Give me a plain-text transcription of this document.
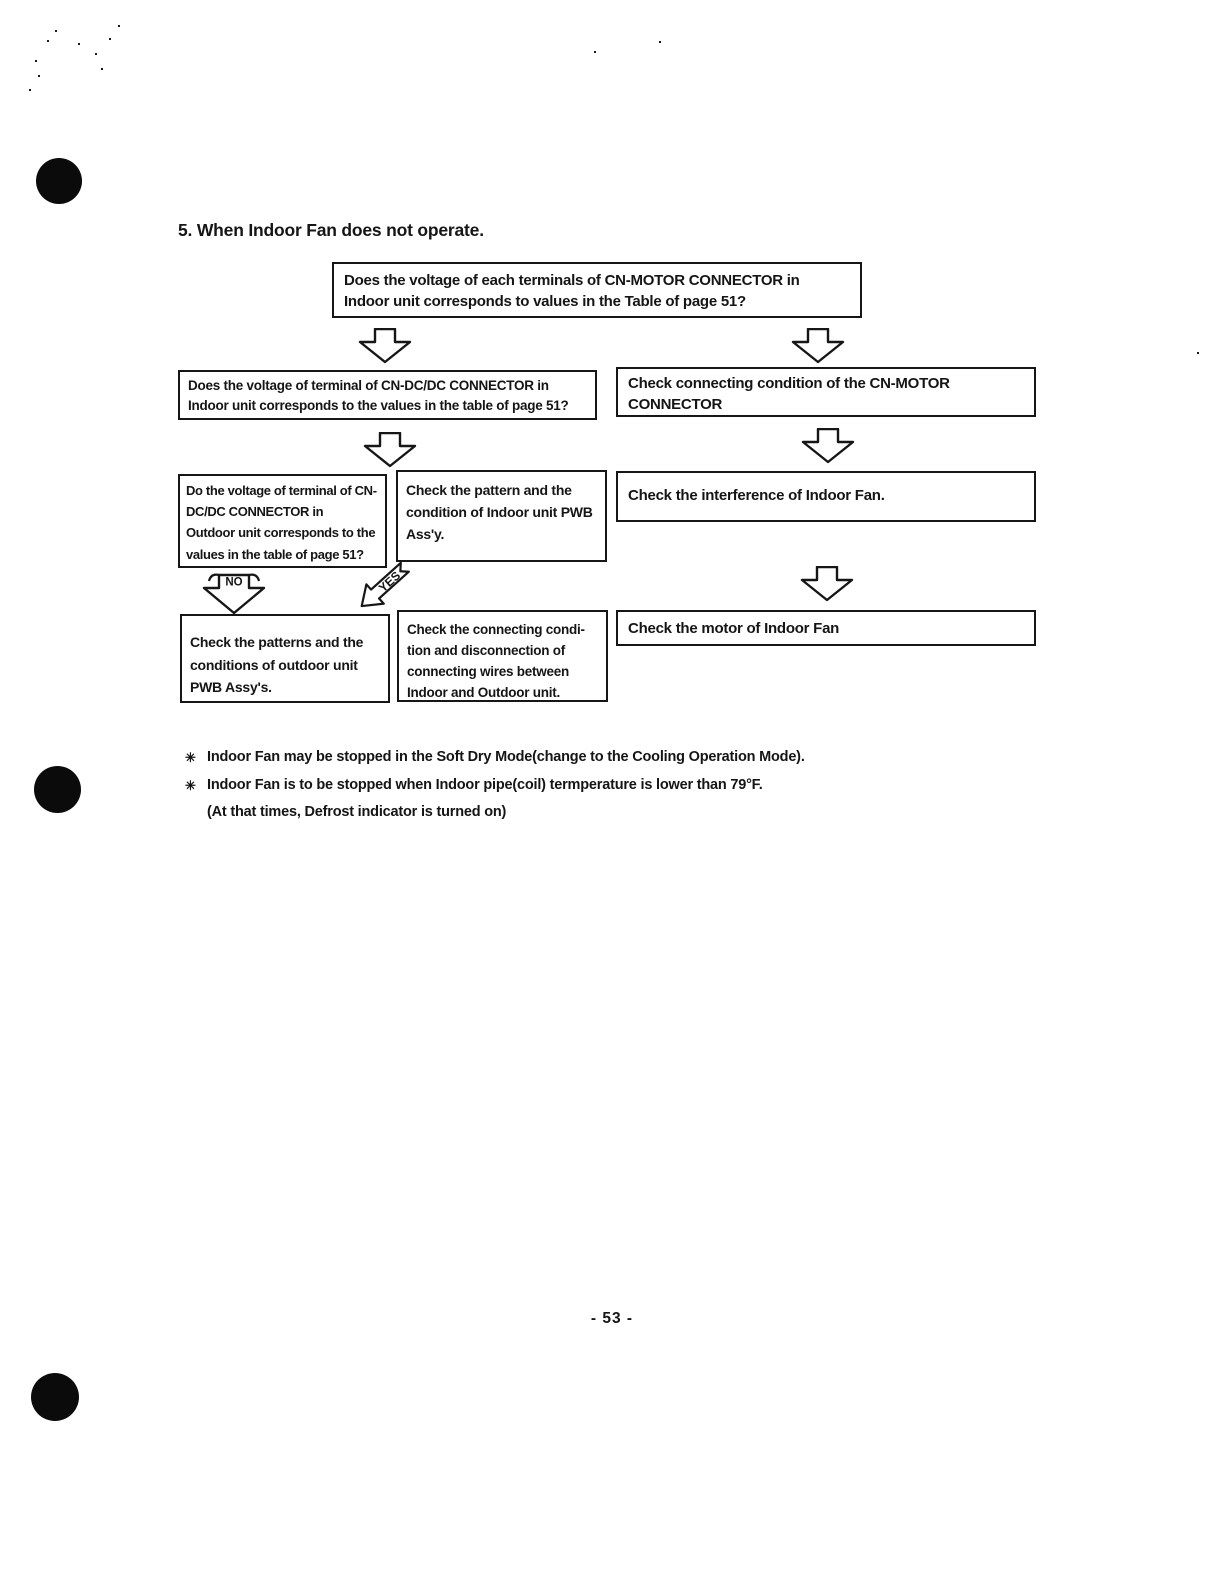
5. When Indoor Fan does not operate.
Does the voltage of each terminals of CN-MOTOR CONNECTOR in
Indoor unit corresponds to values in the Table of page 51?
Does the voltage of terminal of CN-DC/DC CONNECTOR in
Indoor unit corresponds to the values in the table of page 51?
Check connecting condition of the CN-MOTOR
CONNECTOR
Do the voltage of terminal of CN-
DC/DC CONNECTOR in
Outdoor unit corresponds to the
values in the table of page 51?
Check the pattern and the
condition of Indoor unit PWB
Ass'y.
Check the interference of Indoor Fan.
NO	YES
Check the patterns and the
conditions of outdoor unit
PWB Assy's.
Check the connecting condi-
tion and disconnection of
connecting wires between
Indoor and Outdoor unit.
Check the motor of Indoor Fan
✳ Indoor Fan may be stopped in the Soft Dry Mode(change to the Cooling Operation Mode).
✳ Indoor Fan is to be stopped when Indoor pipe(coil) termperature is lower than 79°F.
(At that times, Defrost indicator is turned on)
- 53 -
